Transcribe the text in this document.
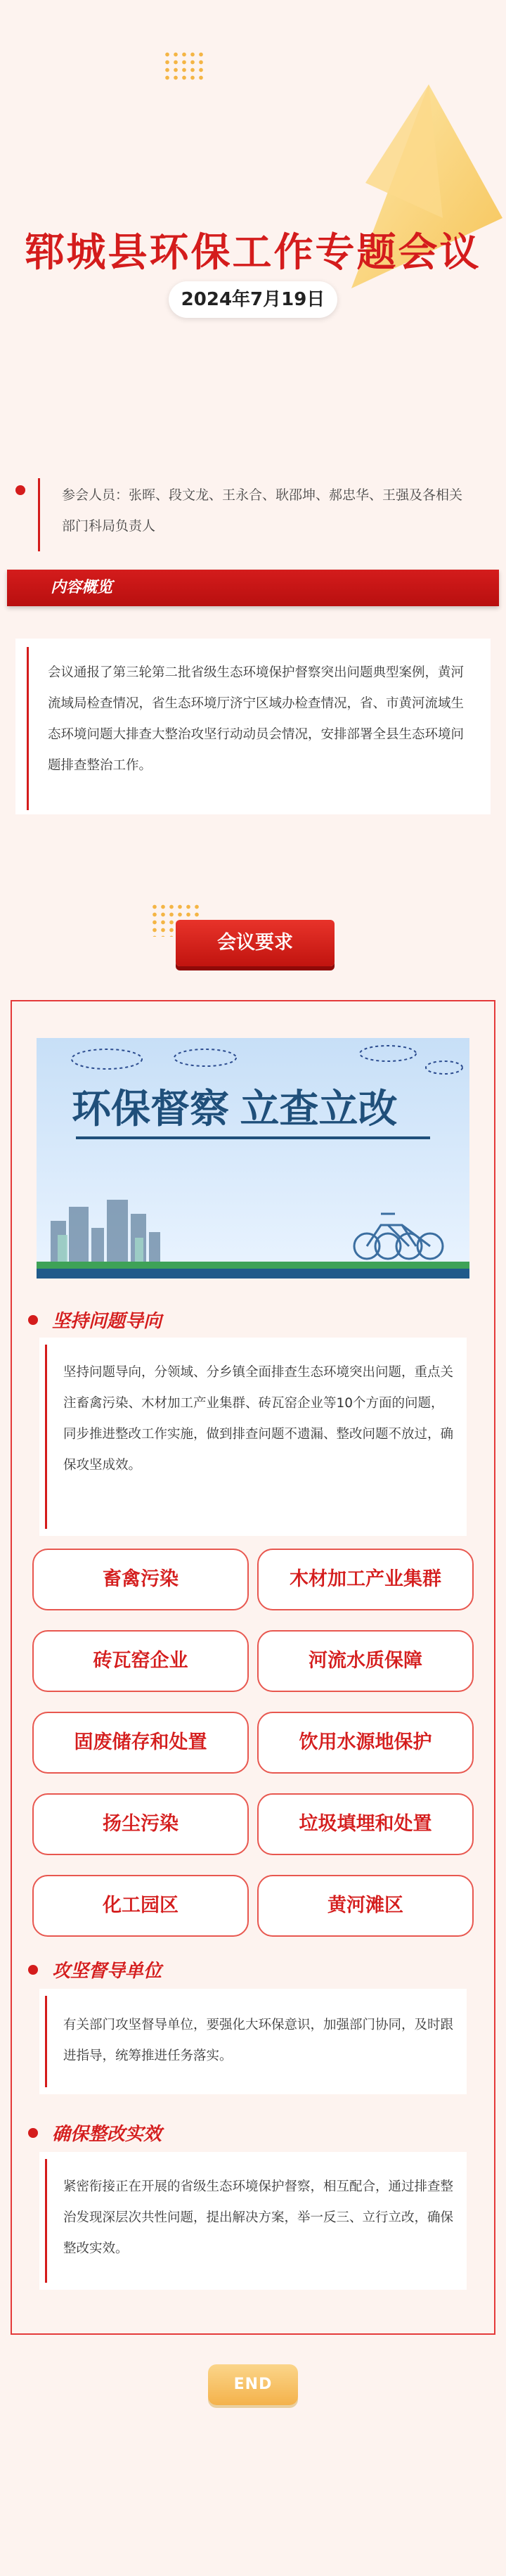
郓城县环保工作专题会议
2024年7月19日
参会人员：张晖、段文龙、王永合、耿邵坤、郝忠华、王强及各相关部门科局负责人
内容概览
会议通报了第三轮第二批省级生态环境保护督察突出问题典型案例，黄河流域局检查情况，省生态环境厅济宁区域办检查情况，省、市黄河流域生态环境问题大排查大整治攻坚行动动员会情况，安排部署全县生态环境问题排查整治工作。
会议要求
环保督察 立查立改
坚持问题导向
坚持问题导向，分领域、分乡镇全面排查生态环境突出问题，重点关注畜禽污染、木材加工产业集群、砖瓦窑企业等10个方面的问题，同步推进整改工作实施，做到排查问题不遗漏、整改问题不放过，确保攻坚成效。
畜禽污染	木材加工产业集群
砖瓦窑企业	河流水质保障
固废储存和处置	饮用水源地保护
扬尘污染	垃圾填埋和处置
化工园区	黄河滩区
攻坚督导单位
有关部门攻坚督导单位，要强化大环保意识，加强部门协同，及时跟进指导，统筹推进任务落实。
确保整改实效
紧密衔接正在开展的省级生态环境保护督察，相互配合，通过排查整治发现深层次共性问题，提出解决方案，举一反三、立行立改，确保整改实效。
END
